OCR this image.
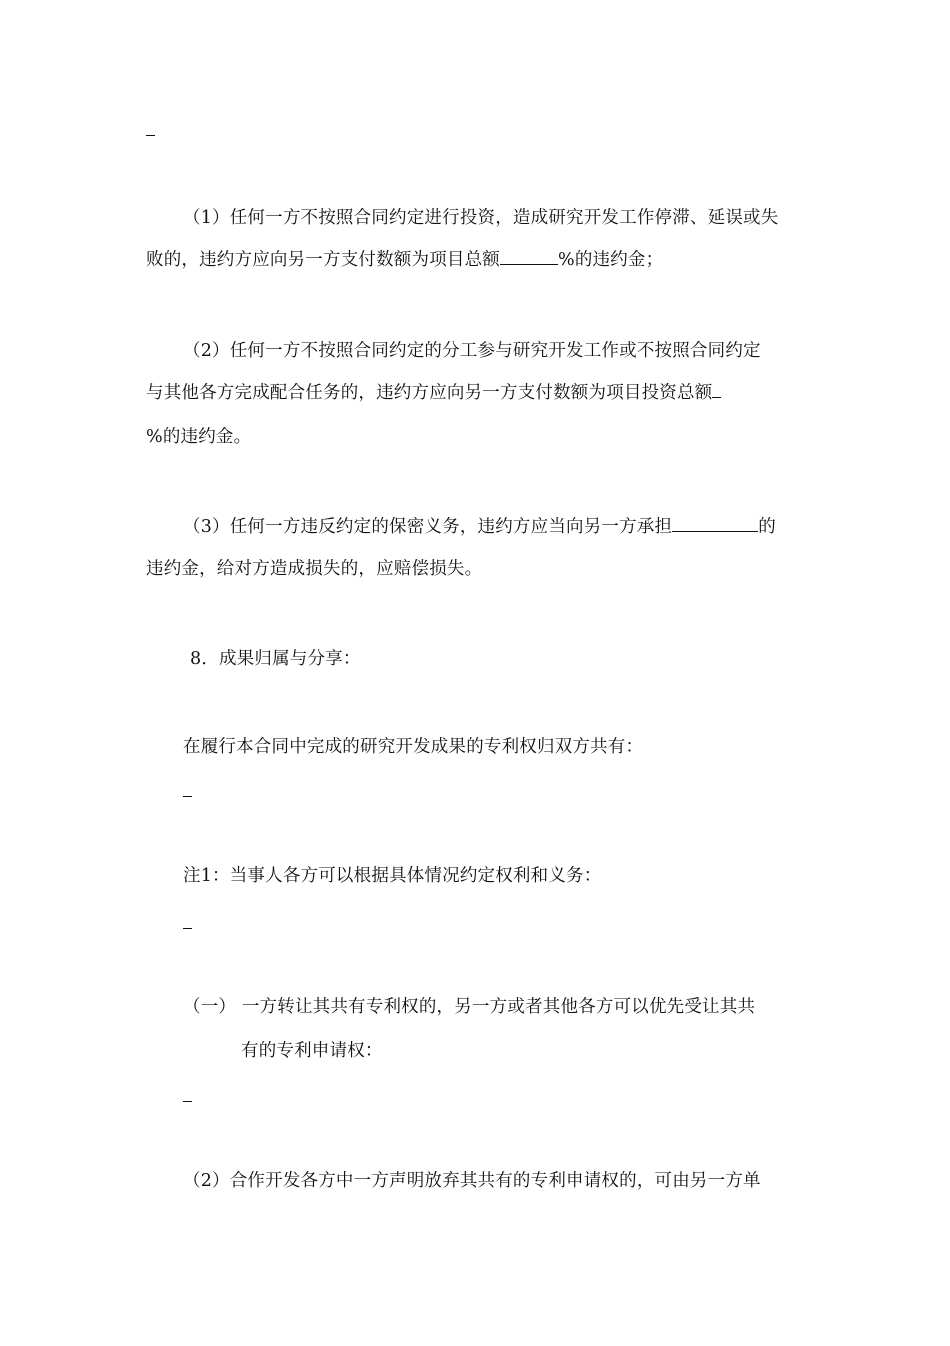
（1）任何一方不按照合同约定进行投资，造成研究开发工作停滞、延误或失
败的，违约方应向另一方支付数额为项目总额	%的违约金；
（2）任何一方不按照合同约定的分工参与研究开发工作或不按照合同约定
与其他各方完成配合任务的，违约方应向另一方支付数额为项目投资总额
%的违约金。
（3）任何一方违反约定的保密义务，违约方应当向另一方承担	的
违约金，给对方造成损失的，应赔偿损失。
8．成果归属与分享：
在履行本合同中完成的研究开发成果的专利权归双方共有：
注1：当事人各方可以根据具体情况约定权利和义务：
（一） 一方转让其共有专利权的，另一方或者其他各方可以优先受让其共
有的专利申请权：
（2）合作开发各方中一方声明放弃其共有的专利申请权的，可由另一方单
